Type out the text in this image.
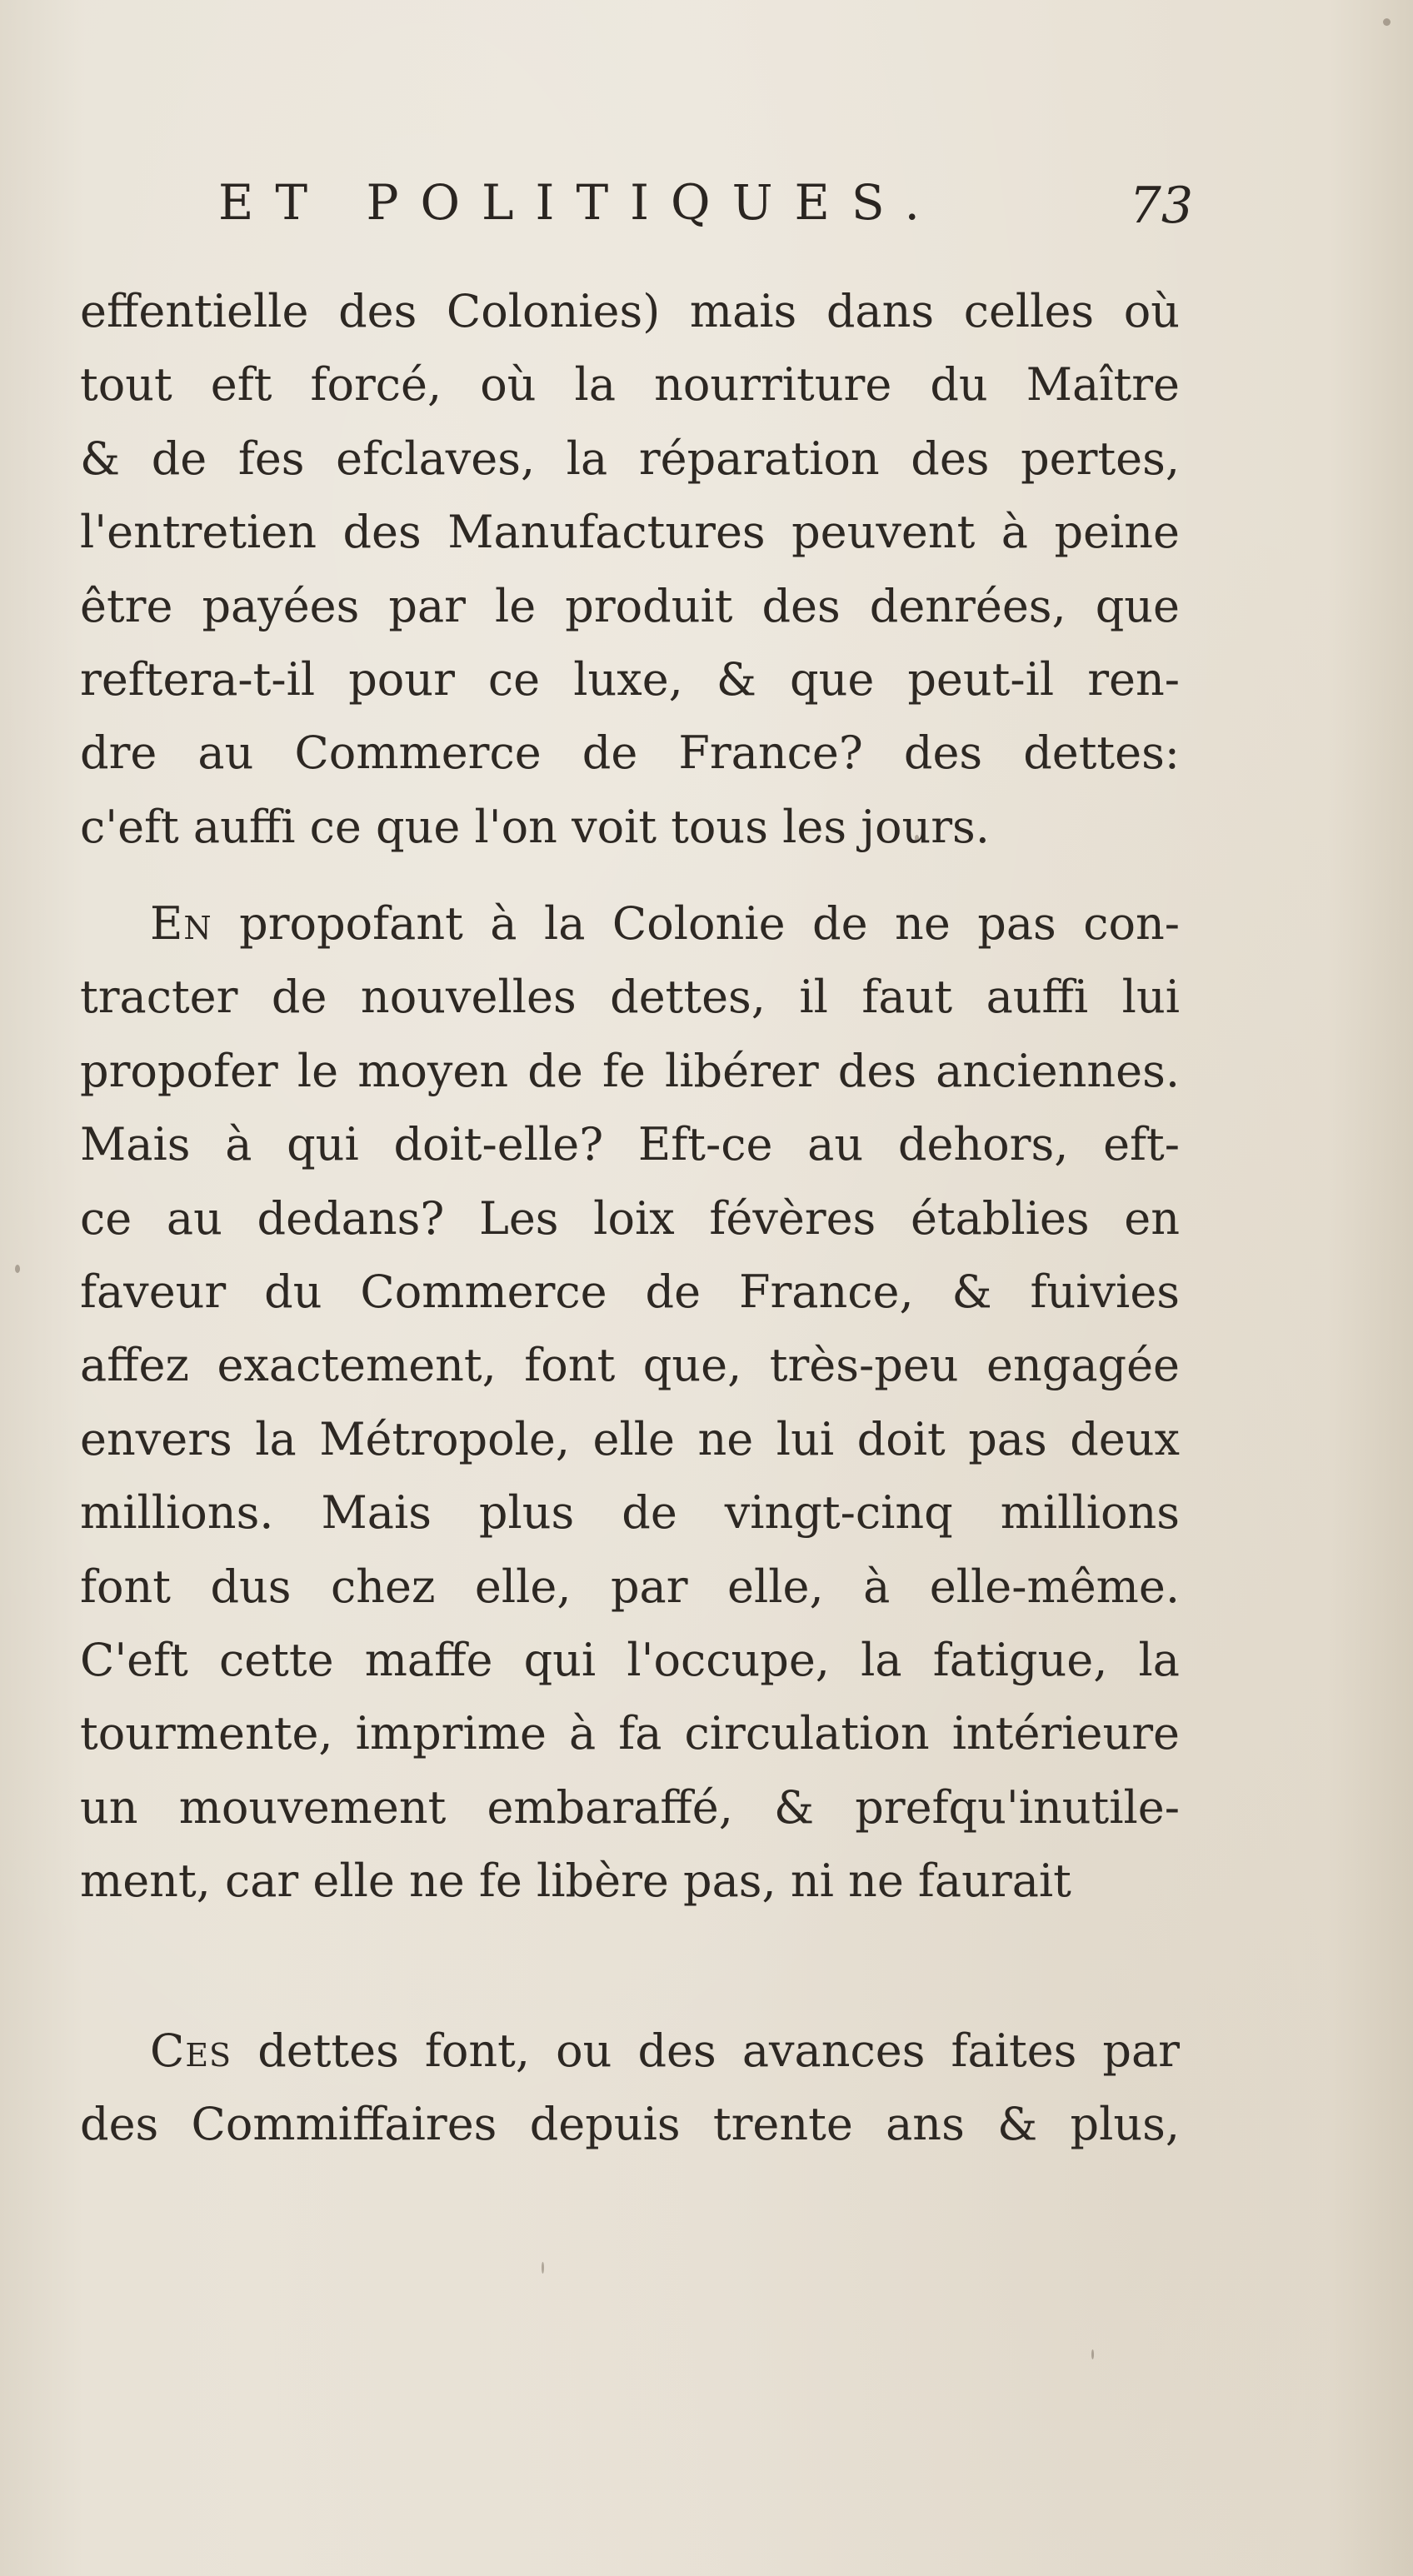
ET POLITIQUES.	73
effentielle des Colonies) mais dans celles où
tout eft forcé, où la nourriture du Maître
& de fes efclaves, la réparation des pertes,
l'entretien des Manufactures peuvent à peine
être payées par le produit des denrées, que
reftera-t-il pour ce luxe, & que peut-il ren-
dre au Commerce de France? des dettes:
c'eft auffi ce que l'on voit tous les jours.
En propofant à la Colonie de ne pas con-
tracter de nouvelles dettes, il faut auffi lui
propofer le moyen de fe libérer des anciennes.
Mais à qui doit-elle? Eft-ce au dehors, eft-
ce au dedans? Les loix févères établies en
faveur du Commerce de France, & fuivies
affez exactement, font que, très-peu engagée
envers la Métropole, elle ne lui doit pas deux
millions. Mais plus de vingt-cinq millions
font dus chez elle, par elle, à elle-même.
C'eft cette maffe qui l'occupe, la fatigue, la
tourmente, imprime à fa circulation intérieure
un mouvement embaraffé, & prefqu'inutile-
ment, car elle ne fe libère pas, ni ne faurait
Ces dettes font, ou des avances faites par
des Commiffaires depuis trente ans & plus,
